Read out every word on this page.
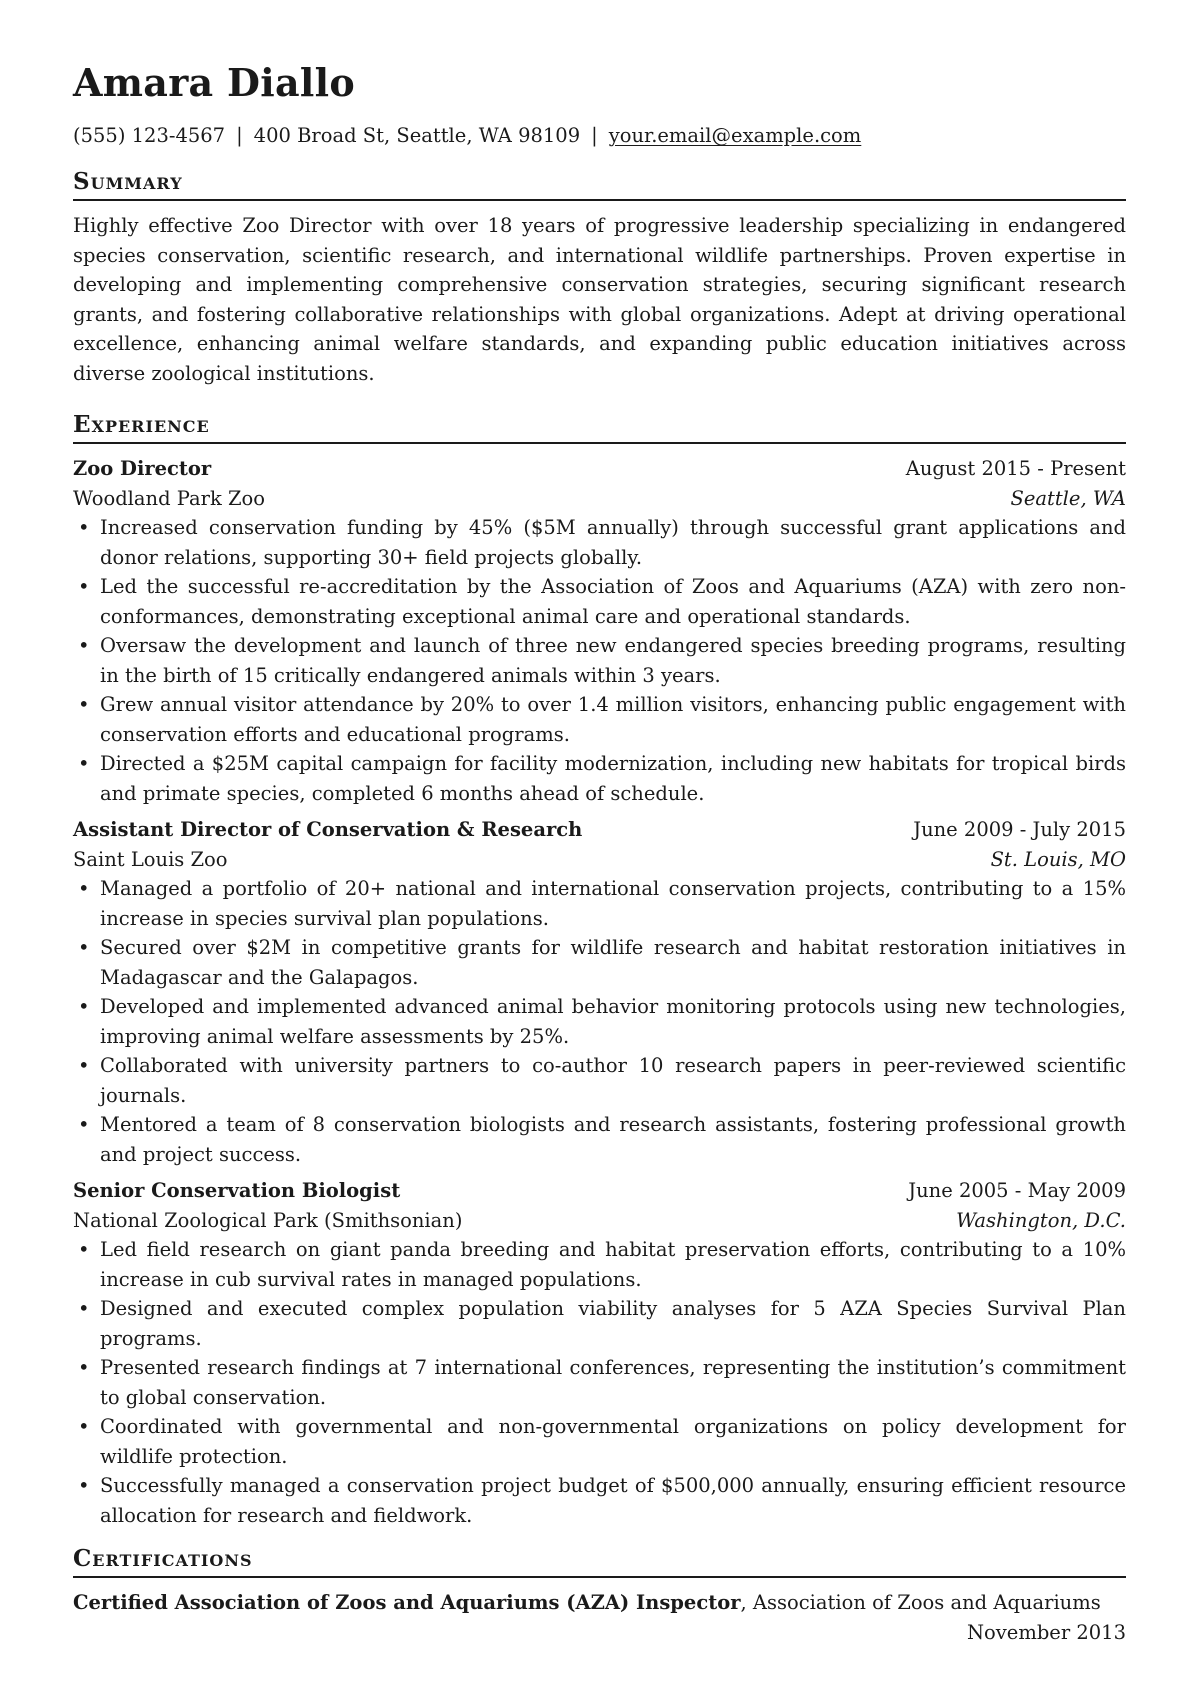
Amara Diallo
(555) 123-4567 | 400 Broad St, Seattle, WA 98109 | your.email@example.com
Summary
Highly effective Zoo Director with over 18 years of progressive leadership specializing in endangered species conservation, scientific research, and international wildlife partnerships. Proven expertise in developing and implementing comprehensive conservation strategies, securing significant research grants, and fostering collaborative relationships with global organizations. Adept at driving operational excellence, enhancing animal welfare standards, and expanding public education initiatives across diverse zoological institutions.
Experience
Zoo Director	August 2015 - Present
Woodland Park Zoo	Seattle, WA
• Increased conservation funding by 45% ($5M annually) through successful grant applications and donor relations, supporting 30+ field projects globally.
• Led the successful re-accreditation by the Association of Zoos and Aquariums (AZA) with zero non-conformances, demonstrating exceptional animal care and operational standards.
• Oversaw the development and launch of three new endangered species breeding programs, resulting in the birth of 15 critically endangered animals within 3 years.
• Grew annual visitor attendance by 20% to over 1.4 million visitors, enhancing public engagement with conservation efforts and educational programs.
• Directed a $25M capital campaign for facility modernization, including new habitats for tropical birds and primate species, completed 6 months ahead of schedule.
Assistant Director of Conservation & Research	June 2009 - July 2015
Saint Louis Zoo	St. Louis, MO
• Managed a portfolio of 20+ national and international conservation projects, contributing to a 15% increase in species survival plan populations.
• Secured over $2M in competitive grants for wildlife research and habitat restoration initiatives in Madagascar and the Galapagos.
• Developed and implemented advanced animal behavior monitoring protocols using new technologies, improving animal welfare assessments by 25%.
• Collaborated with university partners to co-author 10 research papers in peer-reviewed scientific journals.
• Mentored a team of 8 conservation biologists and research assistants, fostering professional growth and project success.
Senior Conservation Biologist	June 2005 - May 2009
National Zoological Park (Smithsonian)	Washington, D.C.
• Led field research on giant panda breeding and habitat preservation efforts, contributing to a 10% increase in cub survival rates in managed populations.
• Designed and executed complex population viability analyses for 5 AZA Species Survival Plan programs.
• Presented research findings at 7 international conferences, representing the institution’s commitment to global conservation.
• Coordinated with governmental and non-governmental organizations on policy development for wildlife protection.
• Successfully managed a conservation project budget of $500,000 annually, ensuring efficient resource allocation for research and fieldwork.
Certifications
Certified Association of Zoos and Aquariums (AZA) Inspector, Association of Zoos and Aquariums
November 2013
